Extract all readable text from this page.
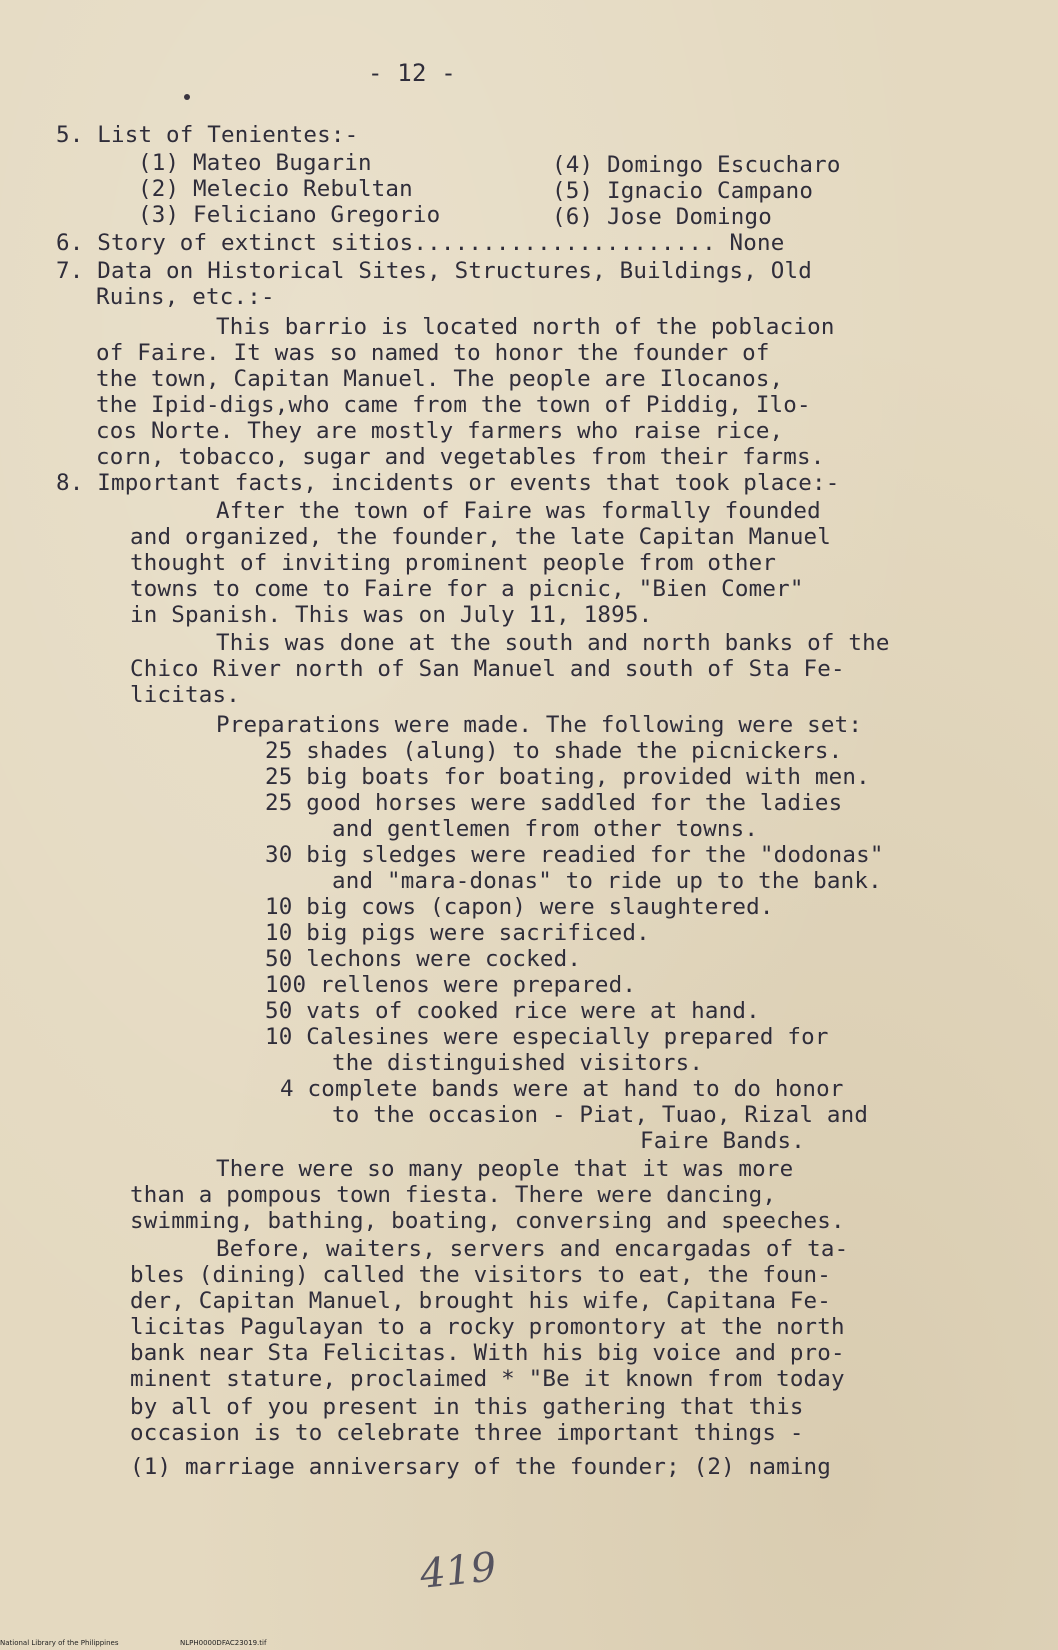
- 12 -
5. List of Tenientes:-
(1) Mateo Bugarin	(4) Domingo Escucharo
(2) Melecio Rebultan	(5) Ignacio Campano
(3) Feliciano Gregorio	(6) Jose Domingo
6. Story of extinct sitios...................... None
7. Data on Historical Sites, Structures, Buildings, Old
Ruins, etc.:-
This barrio is located north of the poblacion
of Faire. It was so named to honor the founder of
the town, Capitan Manuel. The people are Ilocanos,
the Ipid-digs,who came from the town of Piddig, Ilo-
cos Norte. They are mostly farmers who raise rice,
corn, tobacco, sugar and vegetables from their farms.
8. Important facts, incidents or events that took place:-
After the town of Faire was formally founded
and organized, the founder, the late Capitan Manuel
thought of inviting prominent people from other
towns to come to Faire for a picnic, "Bien Comer"
in Spanish. This was on July 11, 1895.
This was done at the south and north banks of the
Chico River north of San Manuel and south of Sta Fe-
licitas.
Preparations were made. The following were set:
25 shades (alung) to shade the picnickers.
25 big boats for boating, provided with men.
25 good horses were saddled for the ladies
and gentlemen from other towns.
30 big sledges were readied for the "dodonas"
and "mara-donas" to ride up to the bank.
10 big cows (capon) were slaughtered.
10 big pigs were sacrificed.
50 lechons were cocked.
100 rellenos were prepared.
50 vats of cooked rice were at hand.
10 Calesines were especially prepared for
the distinguished visitors.
4 complete bands were at hand to do honor
to the occasion - Piat, Tuao, Rizal and
Faire Bands.
There were so many people that it was more
than a pompous town fiesta. There were dancing,
swimming, bathing, boating, conversing and speeches.
Before, waiters, servers and encargadas of ta-
bles (dining) called the visitors to eat, the foun-
der, Capitan Manuel, brought his wife, Capitana Fe-
licitas Pagulayan to a rocky promontory at the north
bank near Sta Felicitas. With his big voice and pro-
minent stature, proclaimed * "Be it known from today
by all of you present in this gathering that this
occasion is to celebrate three important things -
(1) marriage anniversary of the founder; (2) naming
419
National Library of the Philippines	NLPH0000DFAC23019.tif
